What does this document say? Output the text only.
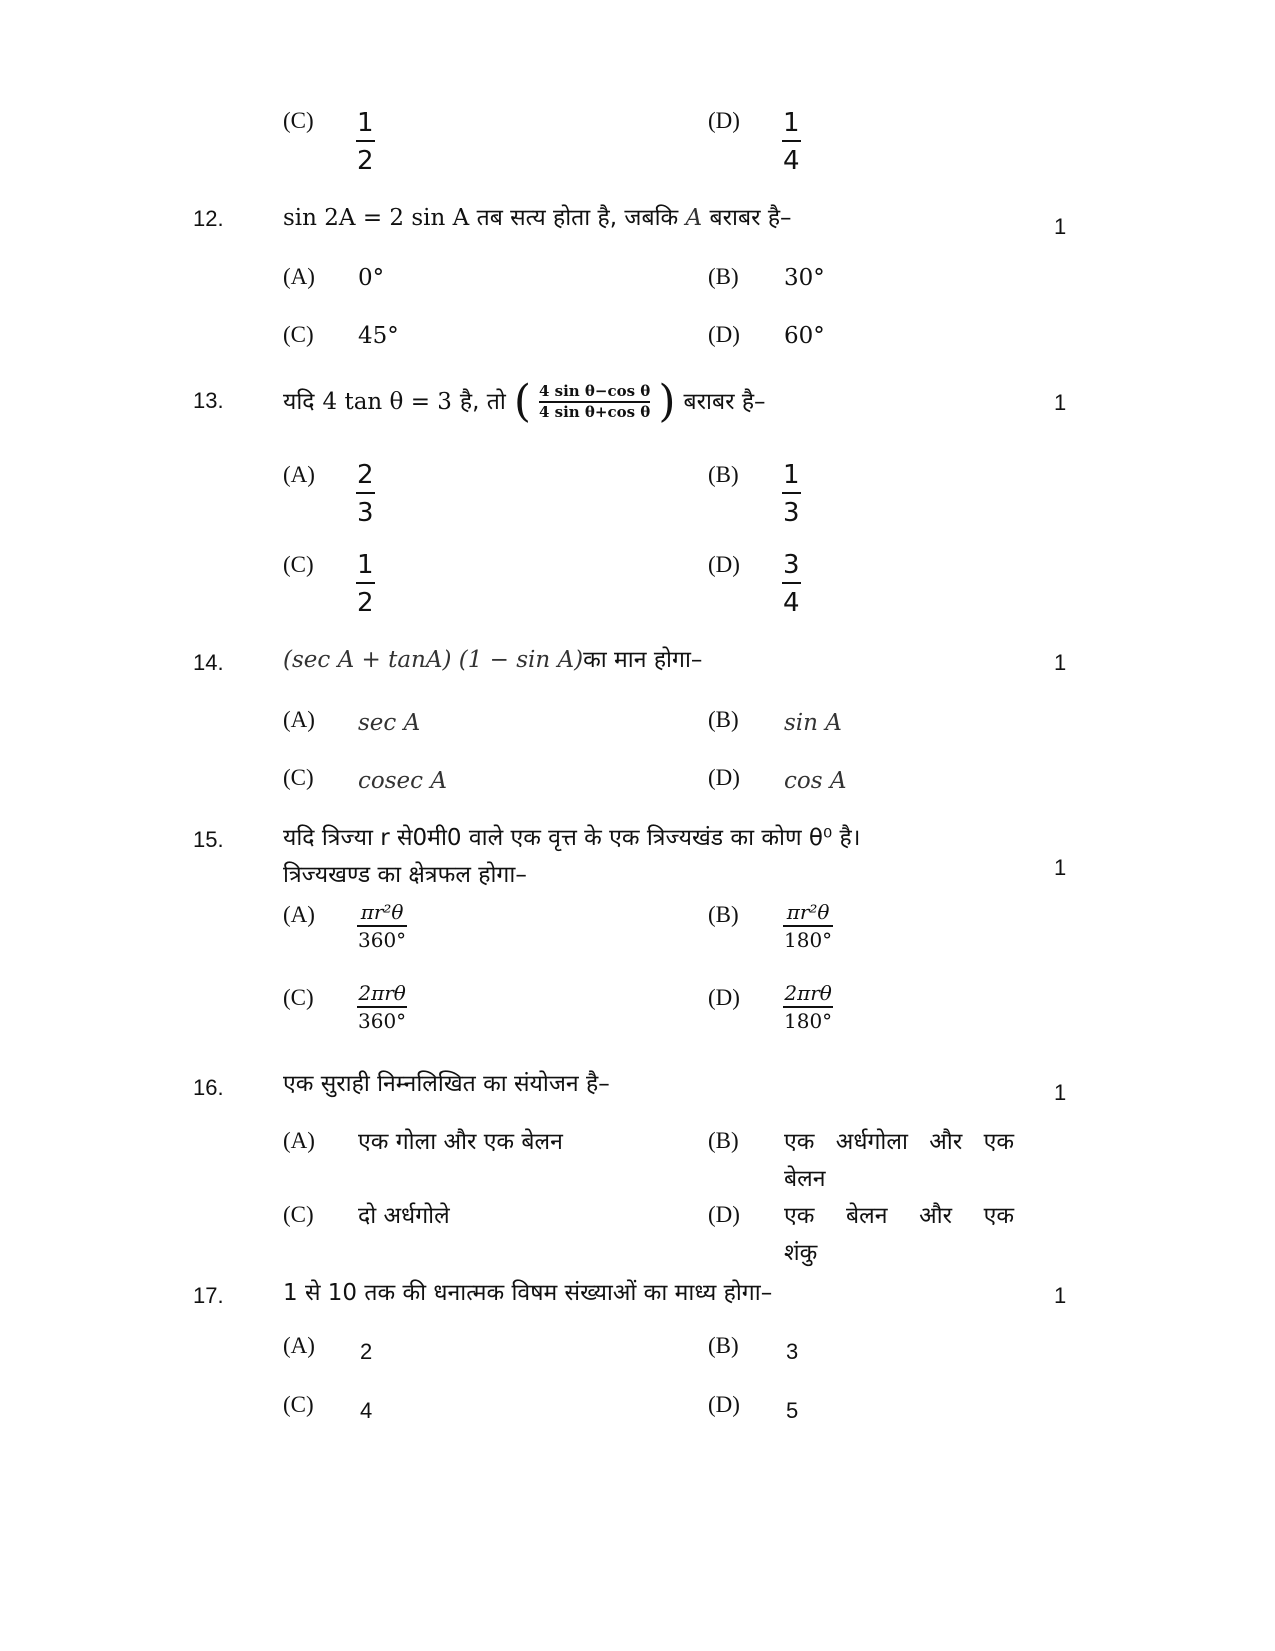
(C) 1
2
(D) 1
4
12.	sin 2A = 2 sin A तब सत्य होता है, जबकि A बराबर है–	1
(A) 0°	(B) 30°
(C) 45°	(D) 60°
13.	यदि 4 tan θ = 3 है, तो ( 4 sin θ−cos θ
4 sin θ+cos θ ) बराबर है–	1
(A) 2
3
(B) 1
3
(C) 1
2
(D) 3
4
14.	(sec A + tanA) (1 − sin A)का मान होगा–	1
(A) sec A	(B) sin A
(C) cosec A	(D) cos A
15.	यदि त्रिज्या r से0मी0 वाले एक वृत्त के एक त्रिज्यखंड का कोण θ⁰ है।
त्रिज्यखण्ड का क्षेत्रफल होगा–	1
(A) πr²θ
360°
(B) πr²θ
180°
(C) 2πrθ
360°
(D) 2πrθ
180°
16.	एक सुराही निम्नलिखित का संयोजन है–	1
(A) एक गोला और एक बेलन	(B) एक अर्धगोला और एक
बेलन
(C) दो अर्धगोले	(D) एक बेलन और एक
शंकु
17.	1 से 10 तक की धनात्मक विषम संख्याओं का माध्य होगा–	1
(A) 2	(B) 3
(C) 4	(D) 5
